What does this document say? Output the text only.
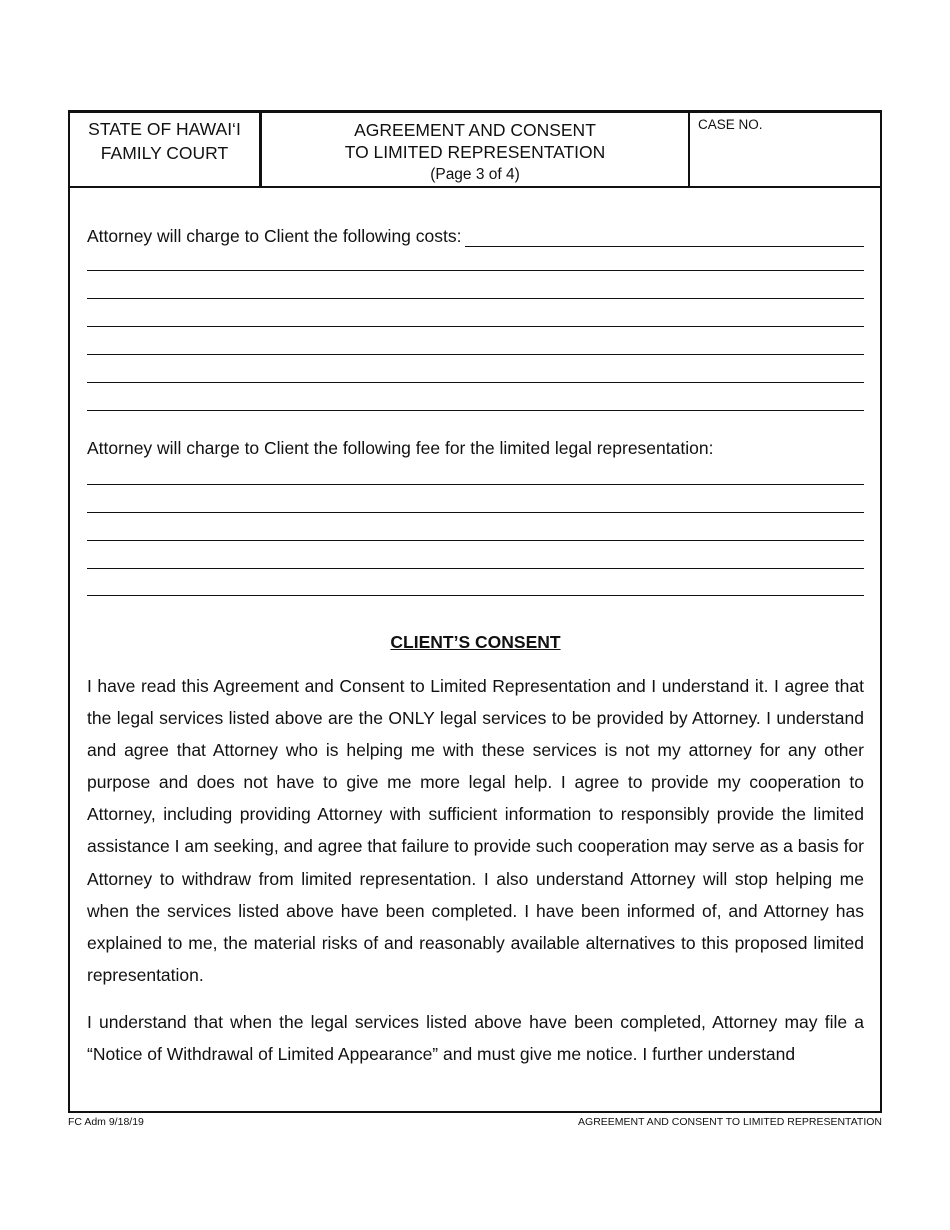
STATE OF HAWAI‘I
FAMILY COURT
AGREEMENT AND CONSENT
TO LIMITED REPRESENTATION
(Page 3 of 4)
CASE NO.
Attorney will charge to Client the following costs:
Attorney will charge to Client the following fee for the limited legal representation:
CLIENT’S CONSENT
I have read this Agreement and Consent to Limited Representation and I understand it. I agree that the legal services listed above are the ONLY legal services to be provided by Attorney. I understand and agree that Attorney who is helping me with these services is not my attorney for any other purpose and does not have to give me more legal help. I agree to provide my cooperation to Attorney, including providing Attorney with sufficient information to responsibly provide the limited assistance I am seeking, and agree that failure to provide such cooperation may serve as a basis for Attorney to withdraw from limited representation. I also understand Attorney will stop helping me when the services listed above have been completed. I have been informed of, and Attorney has explained to me, the material risks of and reasonably available alternatives to this proposed limited representation.
I understand that when the legal services listed above have been completed, Attorney may file a “Notice of Withdrawal of Limited Appearance” and must give me notice. I further understand
FC Adm 9/18/19	AGREEMENT AND CONSENT TO LIMITED REPRESENTATION
